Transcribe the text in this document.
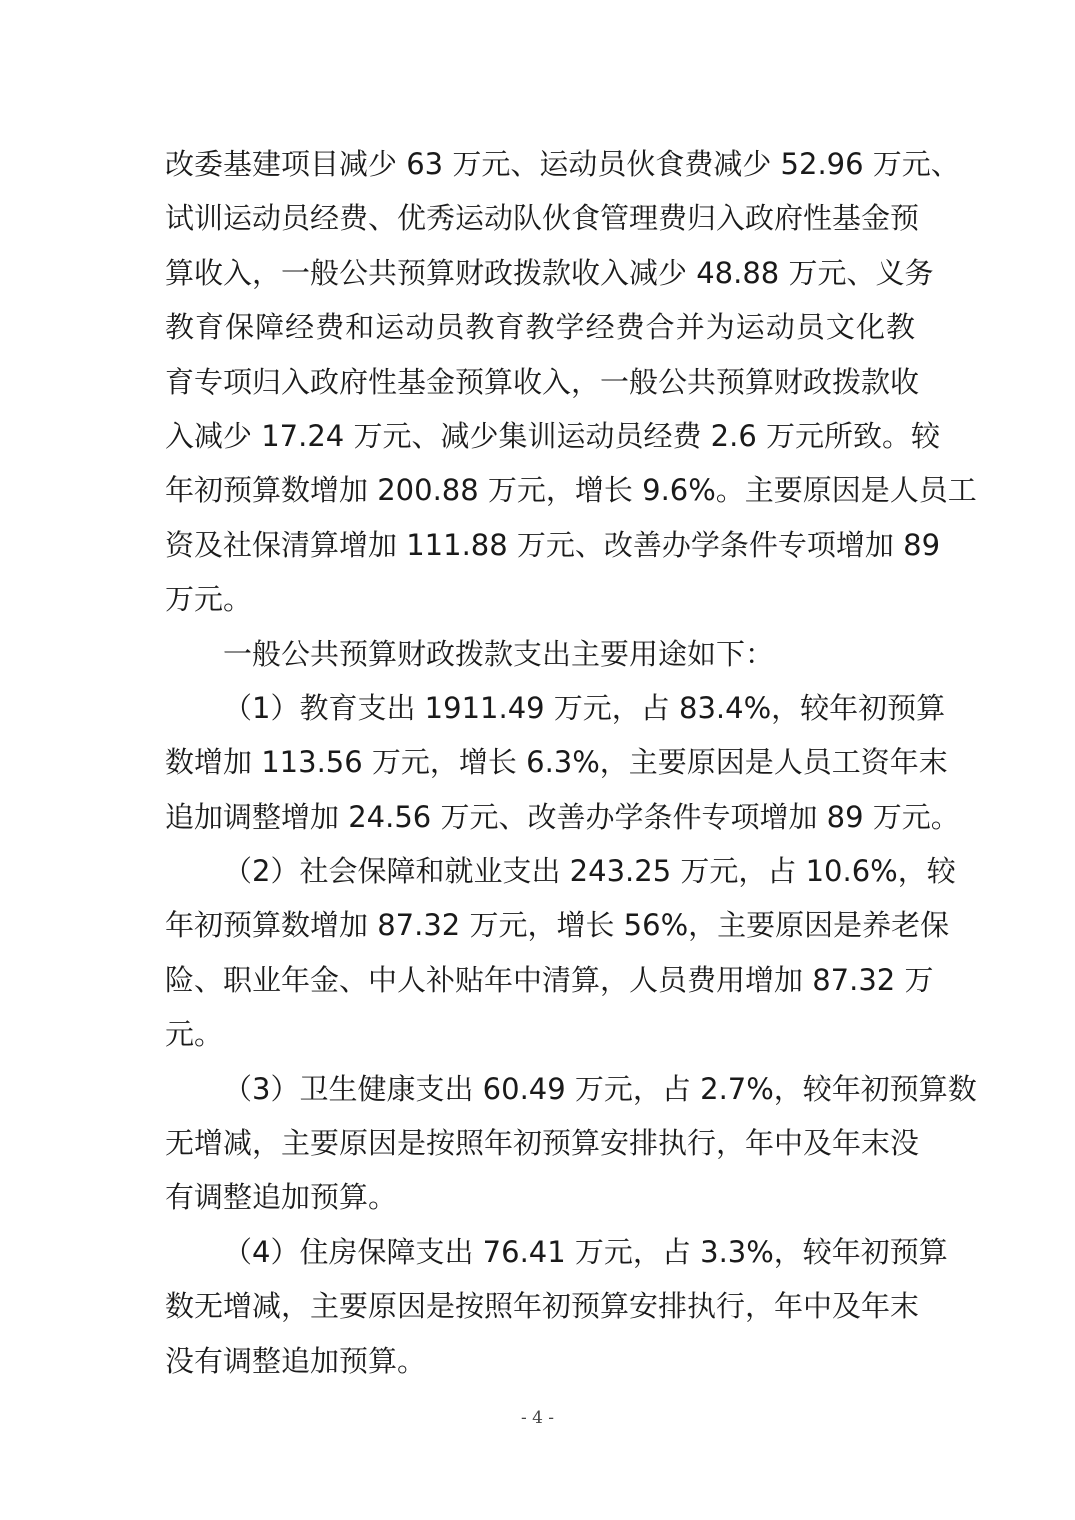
改委基建项目减少 63 万元、运动员伙食费减少 52.96 万元、
试训运动员经费、优秀运动队伙食管理费归入政府性基金预
算收入，一般公共预算财政拨款收入减少 48.88 万元、义务
教育保障经费和运动员教育教学经费合并为运动员文化教
育专项归入政府性基金预算收入，一般公共预算财政拨款收
入减少 17.24 万元、减少集训运动员经费 2.6 万元所致。较
年初预算数增加 200.88 万元，增长 9.6%。主要原因是人员工
资及社保清算增加 111.88 万元、改善办学条件专项增加 89
万元。
一般公共预算财政拨款支出主要用途如下：
（1）教育支出 1911.49 万元，占 83.4%，较年初预算
数增加 113.56 万元，增长 6.3%，主要原因是人员工资年末
追加调整增加 24.56 万元、改善办学条件专项增加 89 万元。
（2）社会保障和就业支出 243.25 万元，占 10.6%，较
年初预算数增加 87.32 万元，增长 56%，主要原因是养老保
险、职业年金、中人补贴年中清算，人员费用增加 87.32 万
元。
（3）卫生健康支出 60.49 万元，占 2.7%，较年初预算数
无增减，主要原因是按照年初预算安排执行，年中及年末没
有调整追加预算。
（4）住房保障支出 76.41 万元，占 3.3%，较年初预算
数无增减，主要原因是按照年初预算安排执行，年中及年末
没有调整追加预算。
- 4 -
